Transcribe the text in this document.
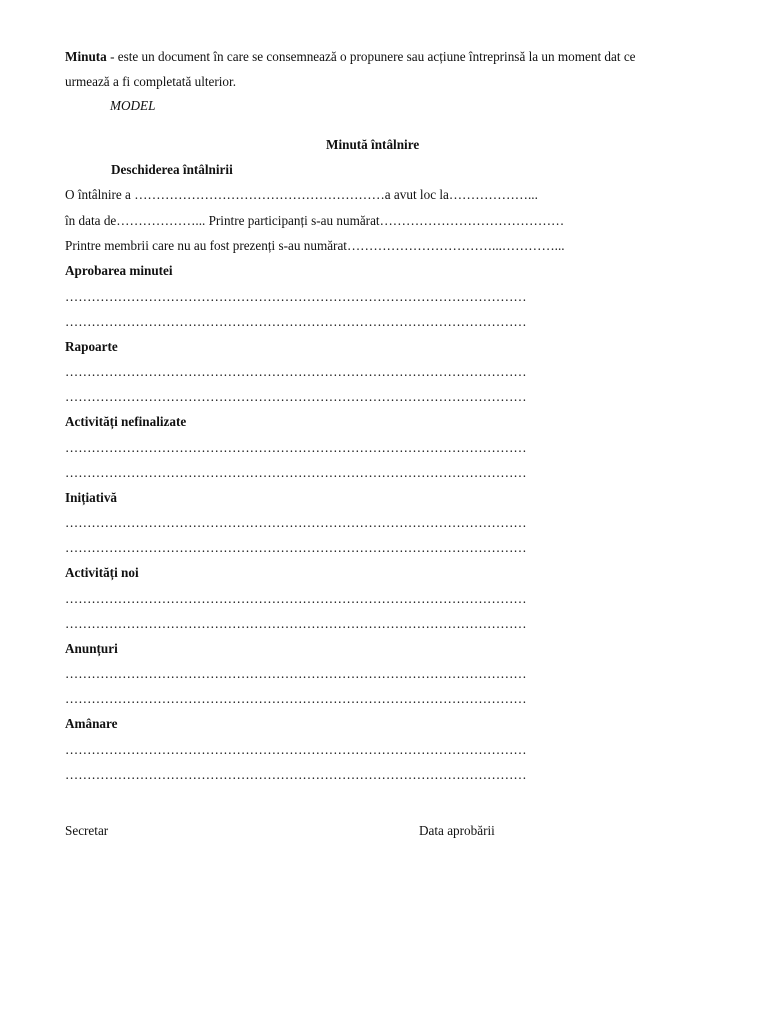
Minuta - este un document în care se consemnează o propunere sau acțiune întreprinsă la un moment dat ce
urmează a fi completată ulterior.
MODEL
Minută întâlnire
Deschiderea întâlnirii
O întâlnire a …………………………………………………a avut loc la………………...
în data de………………... Printre participanți s-au numărat……………………………………
Printre membrii care nu au fost prezenți s-au numărat……………………………...…………...
Aprobarea minutei
……………………………………………………………………………………………
……………………………………………………………………………………………
Rapoarte
……………………………………………………………………………………………
……………………………………………………………………………………………
Activități nefinalizate
……………………………………………………………………………………………
……………………………………………………………………………………………
Inițiativă
……………………………………………………………………………………………
……………………………………………………………………………………………
Activități noi
……………………………………………………………………………………………
……………………………………………………………………………………………
Anunțuri
……………………………………………………………………………………………
……………………………………………………………………………………………
Amânare
……………………………………………………………………………………………
……………………………………………………………………………………………
Secretar	Data aprobării
